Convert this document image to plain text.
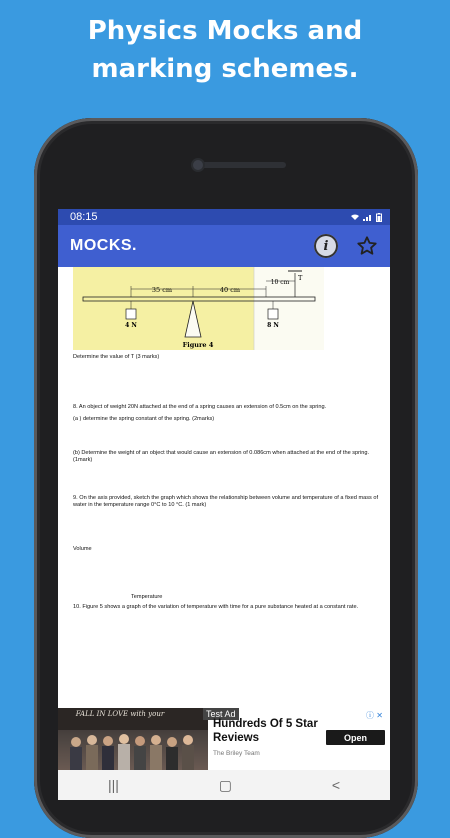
Physics Mocks and
marking schemes.
08:15
MOCKS.	i
35 cm	40 cm
10 cm
T
4 N	8 N
Figure 4

Determine the value of T (3 marks)

8. An object of weight 20N attached at the end of a spring causes an extension of 0.5cm on the spring.

(a ) determine the spring constant of the spring. (2marks)

(b) Determine the weight of an object that would cause an extension of 0.086cm when attached at the end of the spring. (1mark)

9. On the axis provided, sketch the graph which shows the relationship between volume and temperature of a fixed mass of water in the temperature range 0°C to 10 °C. (1 mark)

Volume

Temperature

10. Figure 5 shows a graph of the variation of temperature with time for a pure substance heated at a constant rate.

FALL IN LOVE with your	Test Ad	ⓘ ✕
Hundreds Of 5 Star Reviews
The Briley Team
Open
|||	▢	<
